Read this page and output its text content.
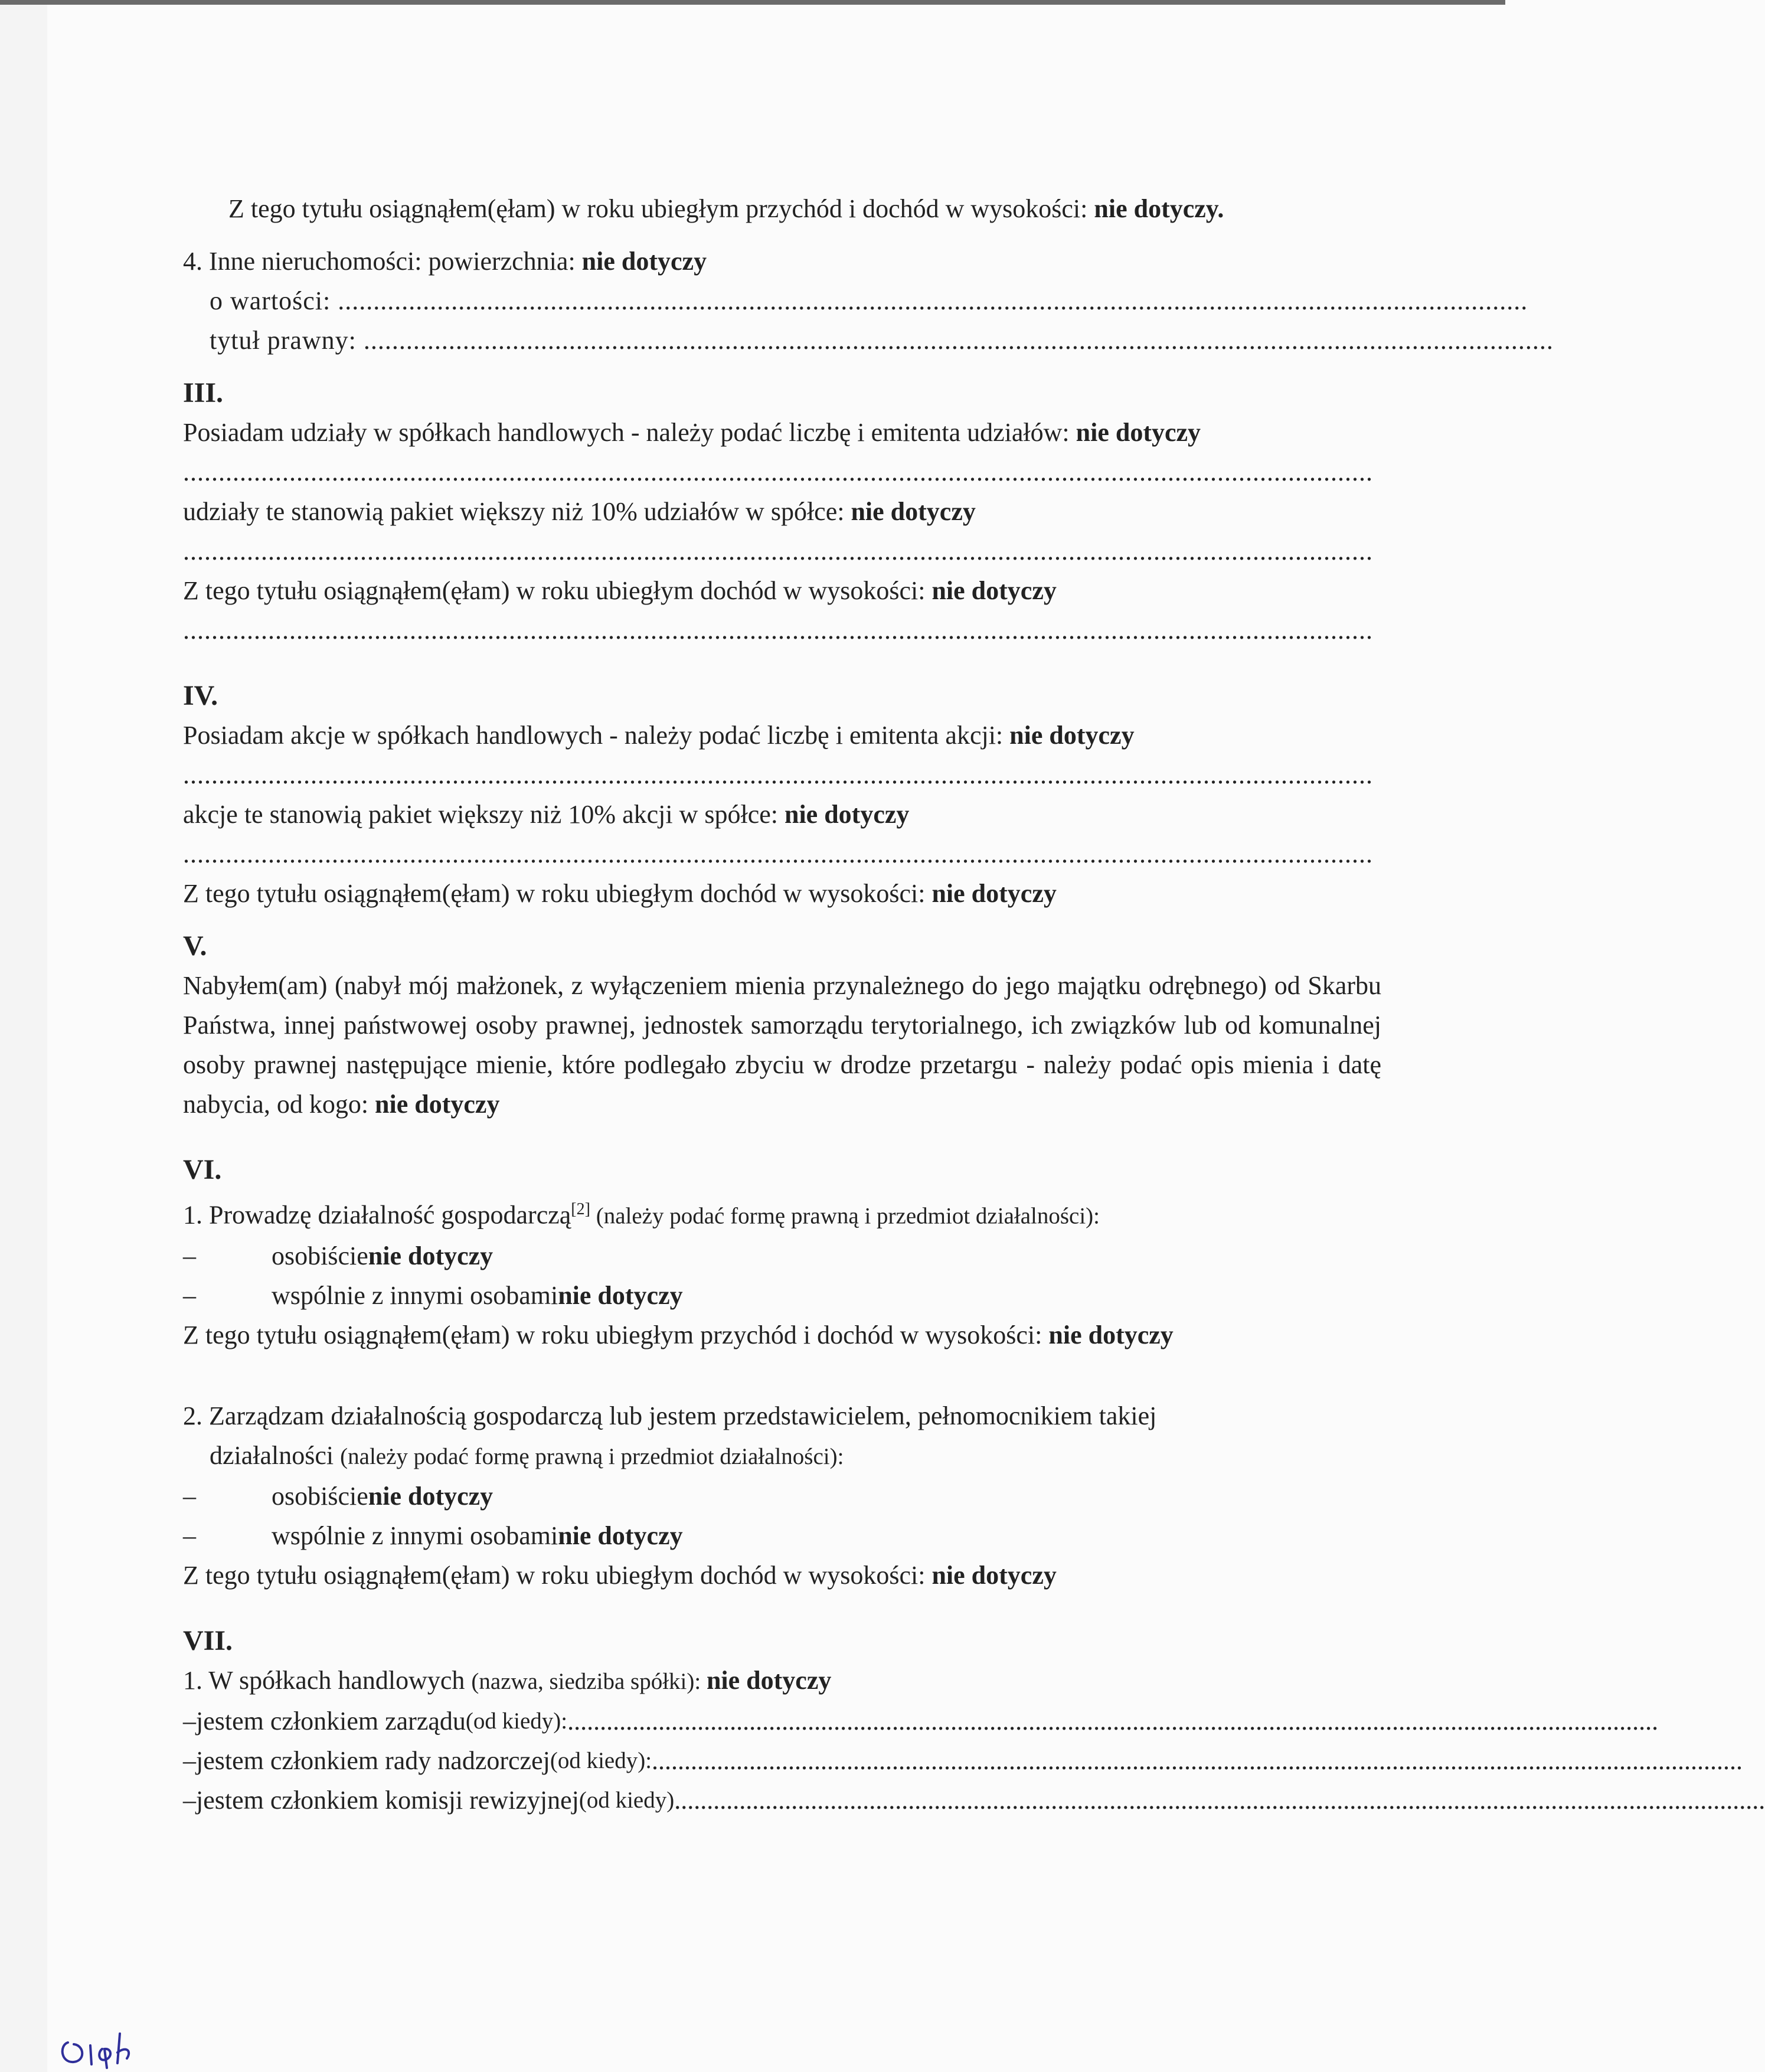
Z tego tytułu osiągnąłem(ęłam) w roku ubiegłym przychód i dochód w wysokości: nie dotyczy.
4. Inne nieruchomości: powierzchnia: nie dotyczy
o wartości: ........................................................................................................................................................................
tytuł prawny: ........................................................................................................................................................................
III.
Posiadam udziały w spółkach handlowych - należy podać liczbę i emitenta udziałów: nie dotyczy
........................................................................................................................................................................
udziały te stanowią pakiet większy niż 10% udziałów w spółce: nie dotyczy
........................................................................................................................................................................
Z tego tytułu osiągnąłem(ęłam) w roku ubiegłym dochód w wysokości: nie dotyczy
........................................................................................................................................................................
IV.
Posiadam akcje w spółkach handlowych - należy podać liczbę i emitenta akcji: nie dotyczy
........................................................................................................................................................................
akcje te stanowią pakiet większy niż 10% akcji w spółce: nie dotyczy
........................................................................................................................................................................
Z tego tytułu osiągnąłem(ęłam) w roku ubiegłym dochód w wysokości: nie dotyczy
V.
Nabyłem(am) (nabył mój małżonek, z wyłączeniem mienia przynależnego do jego majątku odrębnego) od Skarbu Państwa, innej państwowej osoby prawnej, jednostek samorządu terytorialnego, ich związków lub od komunalnej osoby prawnej następujące mienie, które podlegało zbyciu w drodze przetargu - należy podać opis mienia i datę nabycia, od kogo: nie dotyczy
VI.
1. Prowadzę działalność gospodarczą[2] (należy podać formę prawną i przedmiot działalności):
–	osobiście nie dotyczy
–	wspólnie z innymi osobami nie dotyczy
Z tego tytułu osiągnąłem(ęłam) w roku ubiegłym przychód i dochód w wysokości: nie dotyczy
2. Zarządzam działalnością gospodarczą lub jestem przedstawicielem, pełnomocnikiem takiej
działalności (należy podać formę prawną i przedmiot działalności):
–	osobiście nie dotyczy
–	wspólnie z innymi osobami nie dotyczy
Z tego tytułu osiągnąłem(ęłam) w roku ubiegłym dochód w wysokości: nie dotyczy
VII.
1. W spółkach handlowych (nazwa, siedziba spółki): nie dotyczy
– jestem członkiem zarządu (od kiedy): ........................................................................................................................................................................
– jestem członkiem rady nadzorczej (od kiedy): ........................................................................................................................................................................
– jestem członkiem komisji rewizyjnej (od kiedy) ........................................................................................................................................................................
